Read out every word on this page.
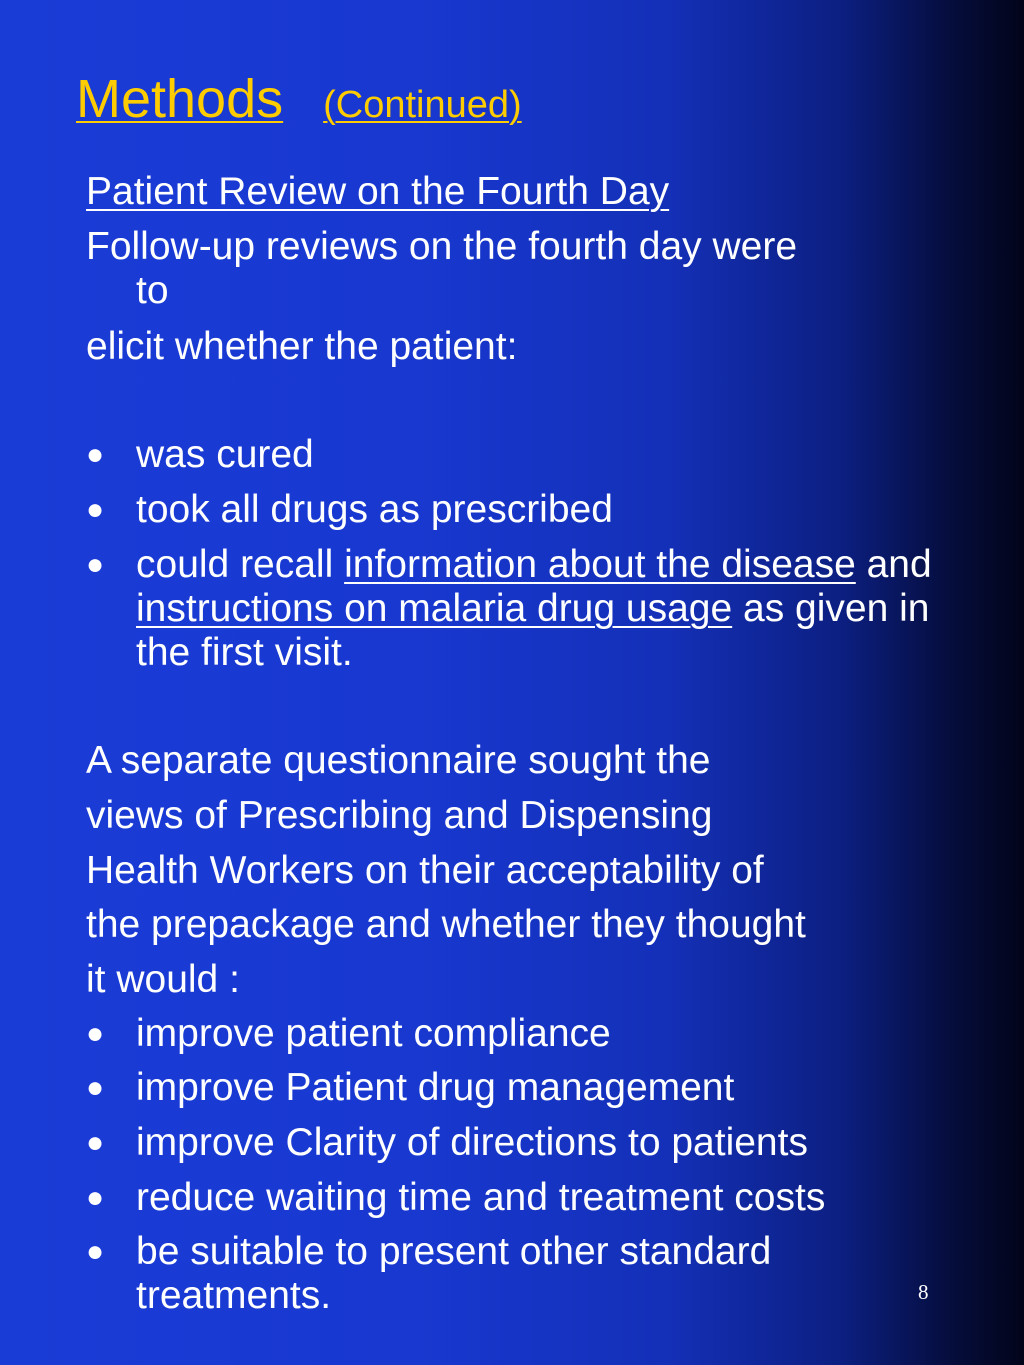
Methods (Continued)
Patient Review on the Fourth Day
Follow-up reviews on the fourth day were
to
elicit whether the patient:
● was cured
● took all drugs as prescribed
● could recall information about the disease and instructions on malaria drug usage as given in the first visit.
A separate questionnaire sought the
views of Prescribing and Dispensing
Health Workers on their acceptability of
the prepackage and whether they thought
it would :
● improve patient compliance
● improve Patient drug management
● improve Clarity of directions to patients
● reduce waiting time and treatment costs
● be suitable to present other standard treatments.	8
